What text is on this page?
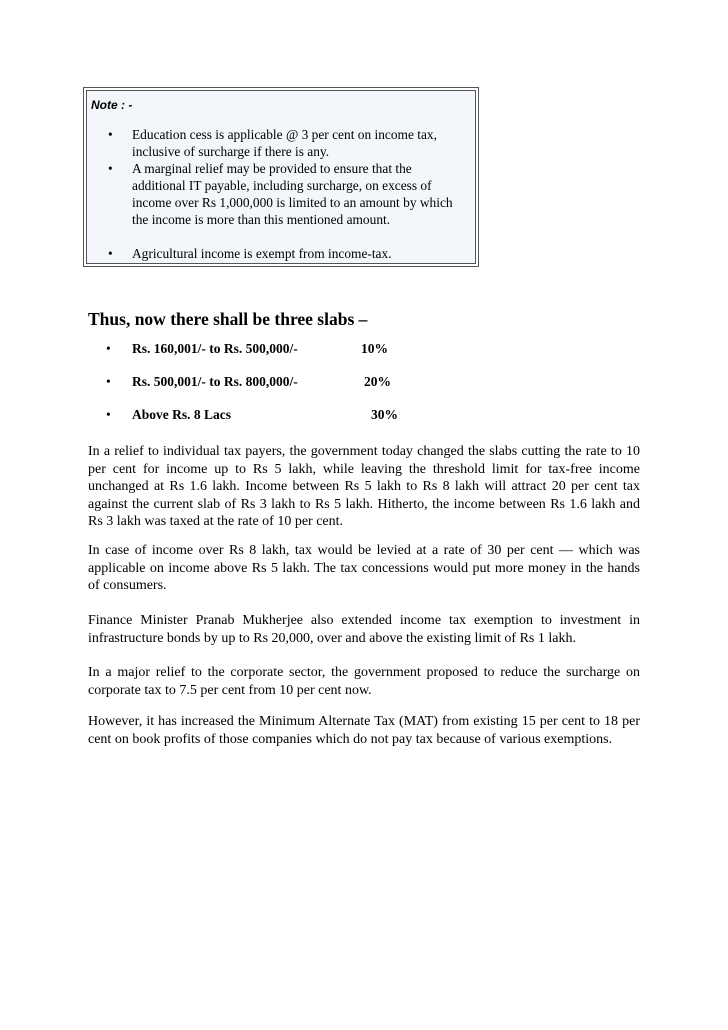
Note : -
• Education cess is applicable @ 3 per cent on income tax, inclusive of surcharge if there is any.
• A marginal relief may be provided to ensure that the additional IT payable, including surcharge, on excess of income over Rs 1,000,000 is limited to an amount by which the income is more than this mentioned amount.
• Agricultural income is exempt from income-tax.
Thus, now there shall be three slabs –
• Rs. 160,001/- to Rs. 500,000/-	10%
• Rs. 500,001/- to Rs. 800,000/-	20%
• Above Rs. 8 Lacs	30%

In a relief to individual tax payers, the government today changed the slabs cutting the rate to 10 per cent for income up to Rs 5 lakh, while leaving the threshold limit for tax-free income unchanged at Rs 1.6 lakh. Income between Rs 5 lakh to Rs 8 lakh will attract 20 per cent tax against the current slab of Rs 3 lakh to Rs 5 lakh. Hitherto, the income between Rs 1.6 lakh and Rs 3 lakh was taxed at the rate of 10 per cent.

In case of income over Rs 8 lakh, tax would be levied at a rate of 30 per cent — which was applicable on income above Rs 5 lakh. The tax concessions would put more money in the hands of consumers.

Finance Minister Pranab Mukherjee also extended income tax exemption to investment in infrastructure bonds by up to Rs 20,000, over and above the existing limit of Rs 1 lakh.

In a major relief to the corporate sector, the government proposed to reduce the surcharge on corporate tax to 7.5 per cent from 10 per cent now.

However, it has increased the Minimum Alternate Tax (MAT) from existing 15 per cent to 18 per cent on book profits of those companies which do not pay tax because of various exemptions.
